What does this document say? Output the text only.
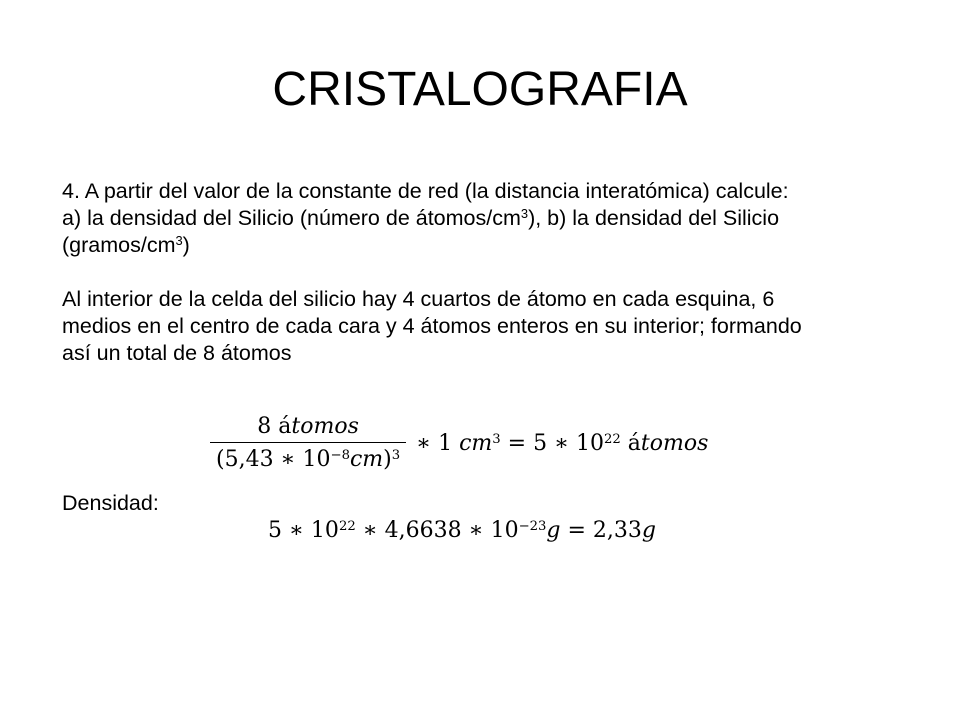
CRISTALOGRAFIA
4. A partir del valor de la constante de red (la distancia interatómica) calcule:
a) la densidad del Silicio (número de átomos/$cm^3$), b) la densidad del Silicio
$(gramos/cm^3)$
Al interior de la celda del silicio hay 4 cuartos de átomo en cada esquina, 6
medios en el centro de cada cara y 4 átomos enteros en su interior; formando
así un total de 8 átomos
$\frac{\text{8 átomos}}{(5,43 ∗ 10^{-8}cm)^3}$ ∗ 1 $cm^3 = 5$ ∗ $10^{22}$ átomos
Densidad:
5 ∗ $10^{22}$ ∗ 4,6638 ∗ $10^{-23}g = 2,33g$
